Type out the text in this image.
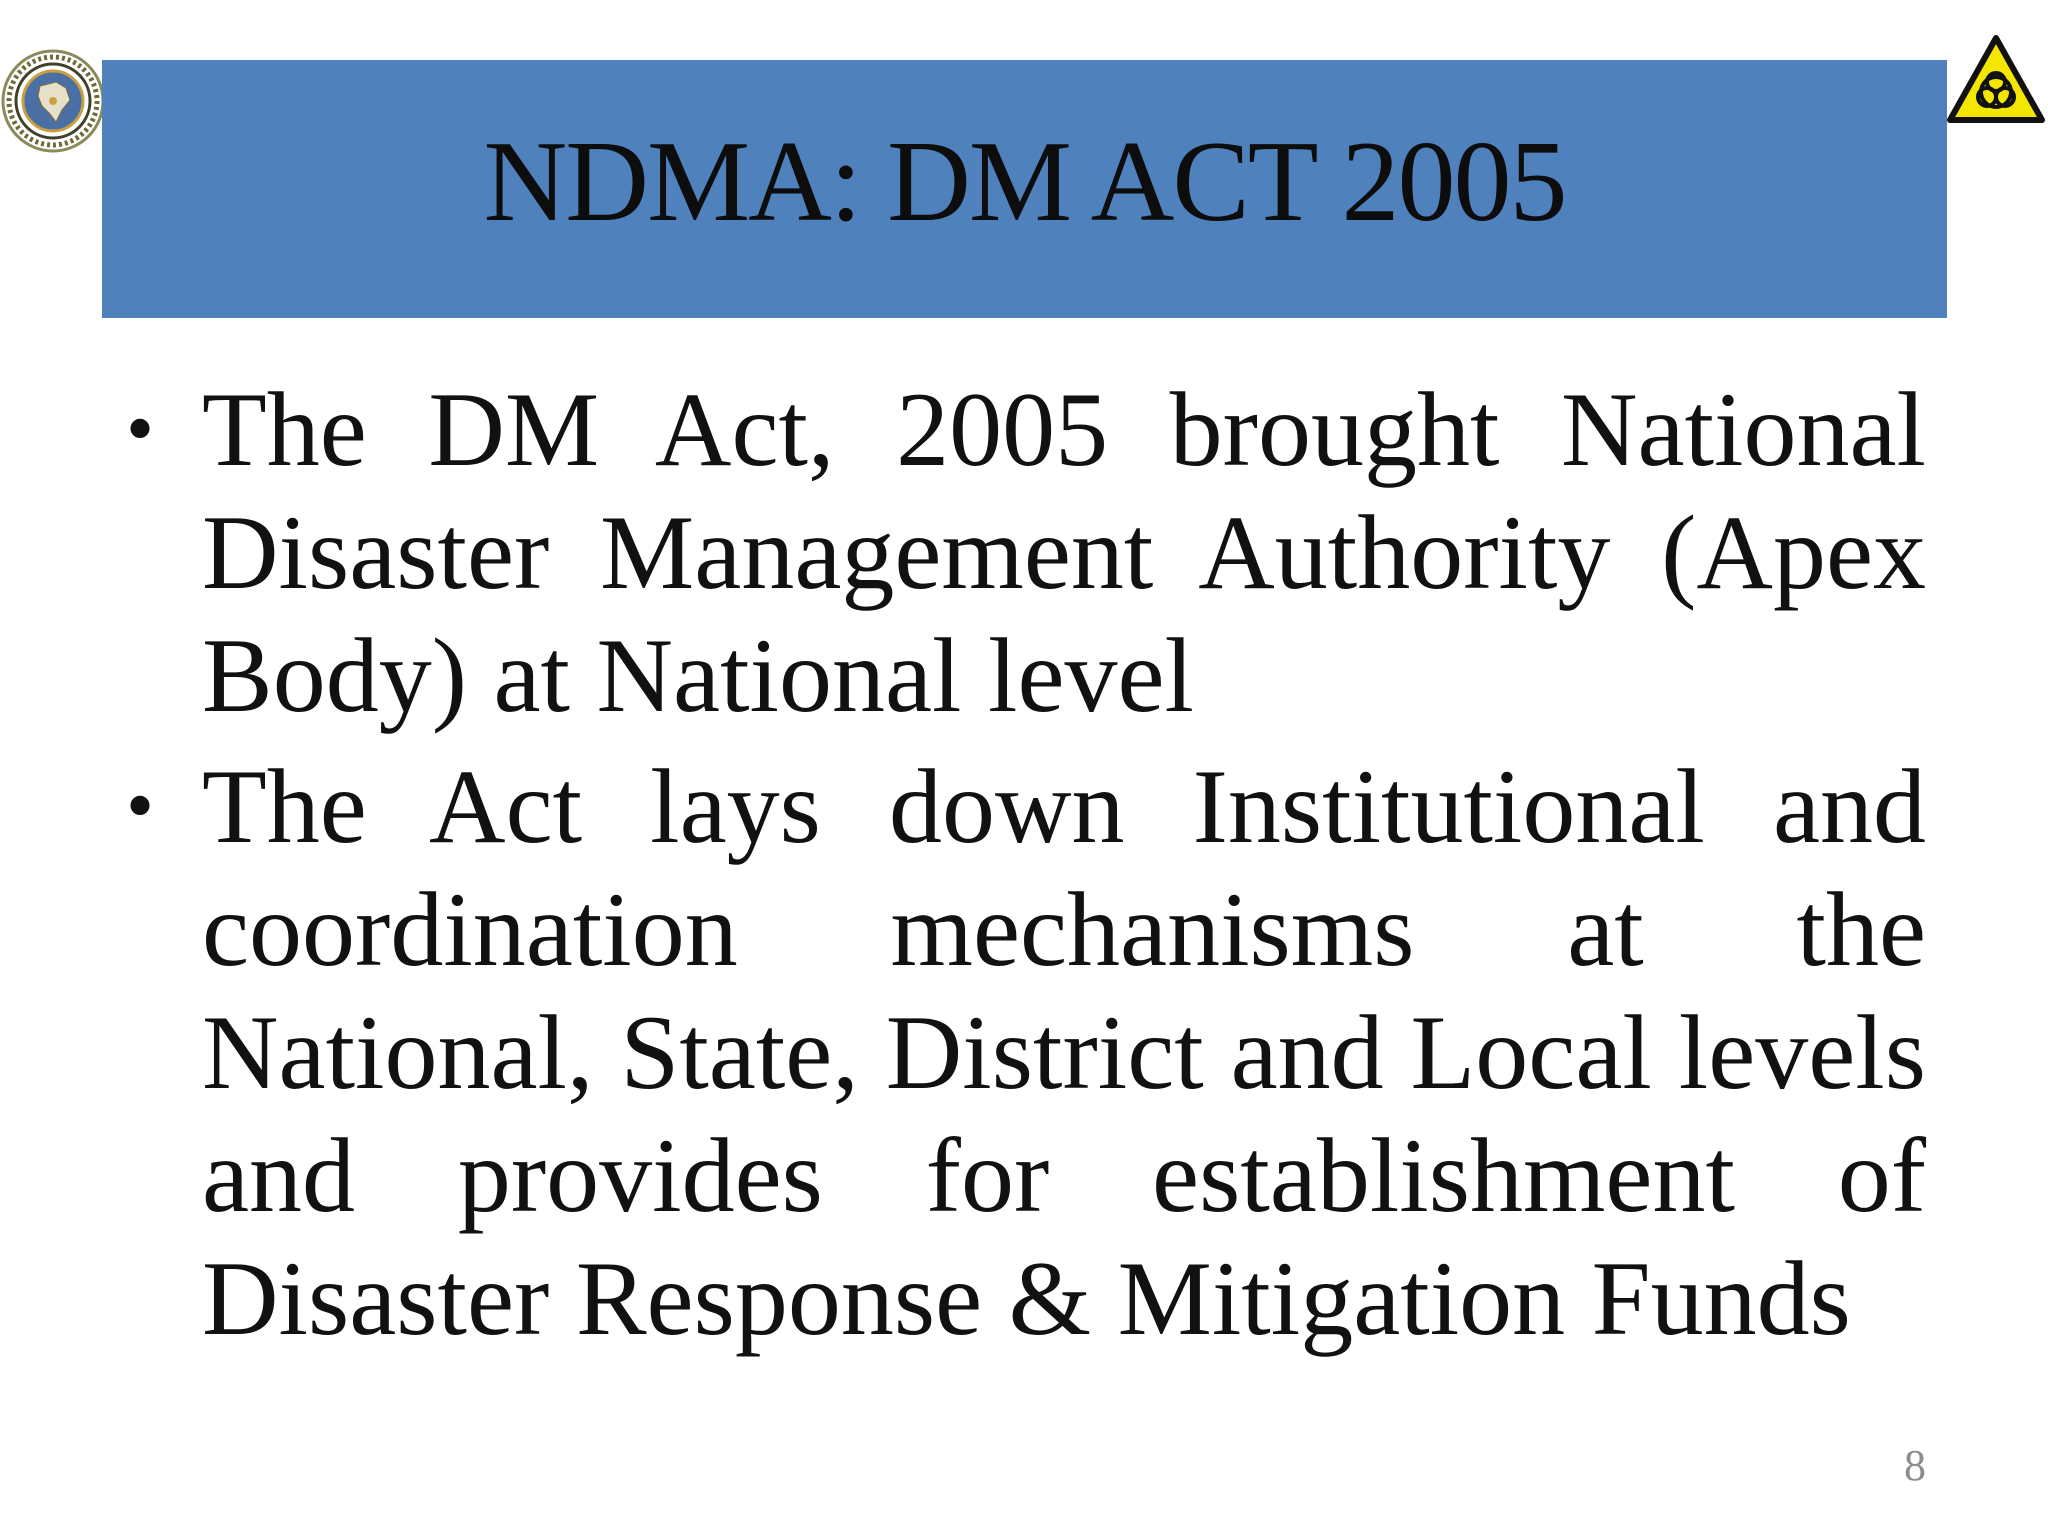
NDMA: DM ACT 2005
• The DM Act, 2005 brought National Disaster Management Authority (Apex Body) at National level
• The Act lays down Institutional and coordination mechanisms at the National, State, District and Local levels and provides for establishment of Disaster Response & Mitigation Funds
8
